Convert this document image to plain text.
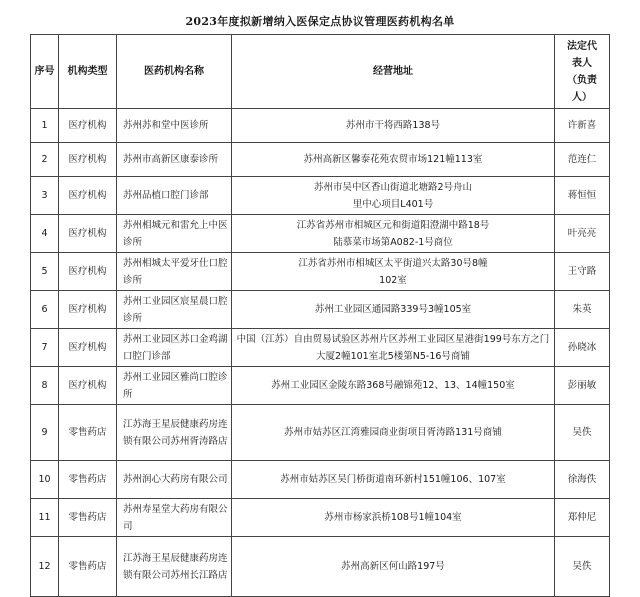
2023年度拟新增纳入医保定点协议管理医药机构名单
序号	机构类型	医药机构名称	经营地址	法定代表人（负责人）
1	医疗机构	苏州苏和堂中医诊所	苏州市干将西路138号	许新喜
2	医疗机构	苏州市高新区康泰诊所	苏州高新区馨泰花苑农贸市场121幢113室	范连仁
3	医疗机构	苏州品植口腔门诊部	苏州市吴中区香山街道北塘路2号舟山里中心项目L401号	蒋恒恒
4	医疗机构	苏州相城元和雷允上中医诊所	江苏省苏州市相城区元和街道阳澄湖中路18号陆慕菜市场第A082-1号商位	叶亮亮
5	医疗机构	苏州相城太平爱牙仕口腔诊所	江苏省苏州市相城区太平街道兴太路30号8幢102室	王守路
6	医疗机构	苏州工业园区宸星晨口腔诊所	苏州工业园区通园路339号3幢105室	朱英
7	医疗机构	苏州工业园区苏口金鸡湖口腔门诊部	中国（江苏）自由贸易试验区苏州片区苏州工业园区星港街199号东方之门大厦2幢101室北5楼第N5-16号商铺	孙晓冰
8	医疗机构	苏州工业园区雅尚口腔诊所	苏州工业园区金陵东路368号融锦苑12、13、14幢150室	彭丽敏
9	零售药店	江苏海王星辰健康药房连锁有限公司苏州胥涛路店	苏州市姑苏区江湾雅园商业街项目胥涛路131号商铺	吴佚
10	零售药店	苏州润心大药房有限公司	苏州市姑苏区吴门桥街道南环新村151幢106、107室	徐海佚
11	零售药店	苏州寿星堂大药房有限公司	苏州市杨家浜桥108号1幢104室	郑仲尼
12	零售药店	江苏海王星辰健康药房连锁有限公司苏州长江路店	苏州高新区何山路197号	吴佚
